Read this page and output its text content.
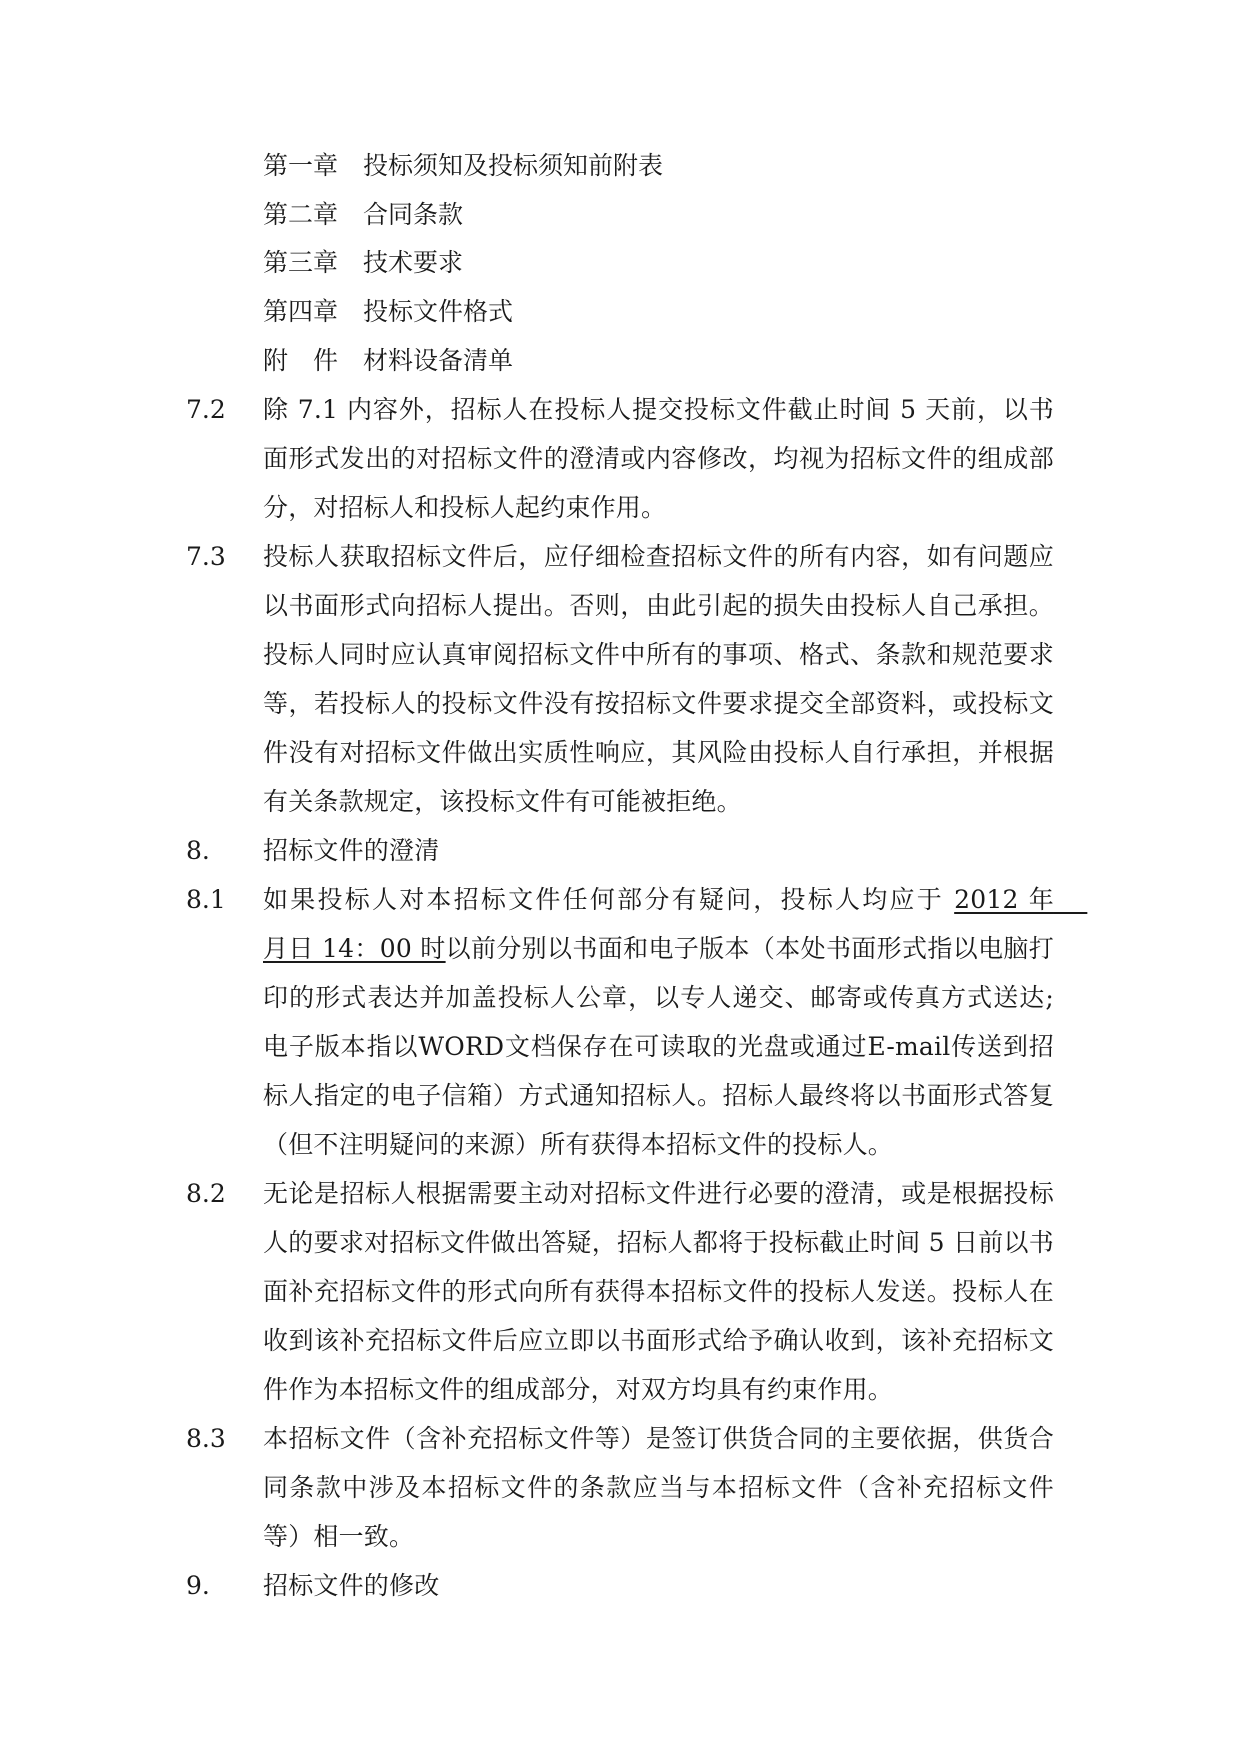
第一章 投标须知及投标须知前附表
第二章 合同条款
第三章 技术要求
第四章 投标文件格式
附　件 材料设备清单
7.2	除 7.1 内容外，招标人在投标人提交投标文件截止时间 5 天前，以书面形式发出的对招标文件的澄清或内容修改，均视为招标文件的组成部分，对招标人和投标人起约束作用。
7.3	投标人获取招标文件后，应仔细检查招标文件的所有内容，如有问题应以书面形式向招标人提出。否则，由此引起的损失由投标人自己承担。投标人同时应认真审阅招标文件中所有的事项、格式、条款和规范要求等，若投标人的投标文件没有按招标文件要求提交全部资料，或投标文件没有对招标文件做出实质性响应，其风险由投标人自行承担，并根据有关条款规定，该投标文件有可能被拒绝。
8.	招标文件的澄清
8.1	如果投标人对本招标文件任何部分有疑问，投标人均应于 2012 年　 月日 14：00 时以前分别以书面和电子版本（本处书面形式指以电脑打印的形式表达并加盖投标人公章，以专人递交、邮寄或传真方式送达; 电子版本指以WORD文档保存在可读取的光盘或通过E-mail传送到招标人指定的电子信箱）方式通知招标人。招标人最终将以书面形式答复（但不注明疑问的来源）所有获得本招标文件的投标人。
8.2	无论是招标人根据需要主动对招标文件进行必要的澄清，或是根据投标人的要求对招标文件做出答疑，招标人都将于投标截止时间 5 日前以书面补充招标文件的形式向所有获得本招标文件的投标人发送。投标人在收到该补充招标文件后应立即以书面形式给予确认收到，该补充招标文件作为本招标文件的组成部分，对双方均具有约束作用。
8.3	本招标文件（含补充招标文件等）是签订供货合同的主要依据，供货合同条款中涉及本招标文件的条款应当与本招标文件（含补充招标文件等）相一致。
9.	招标文件的修改
